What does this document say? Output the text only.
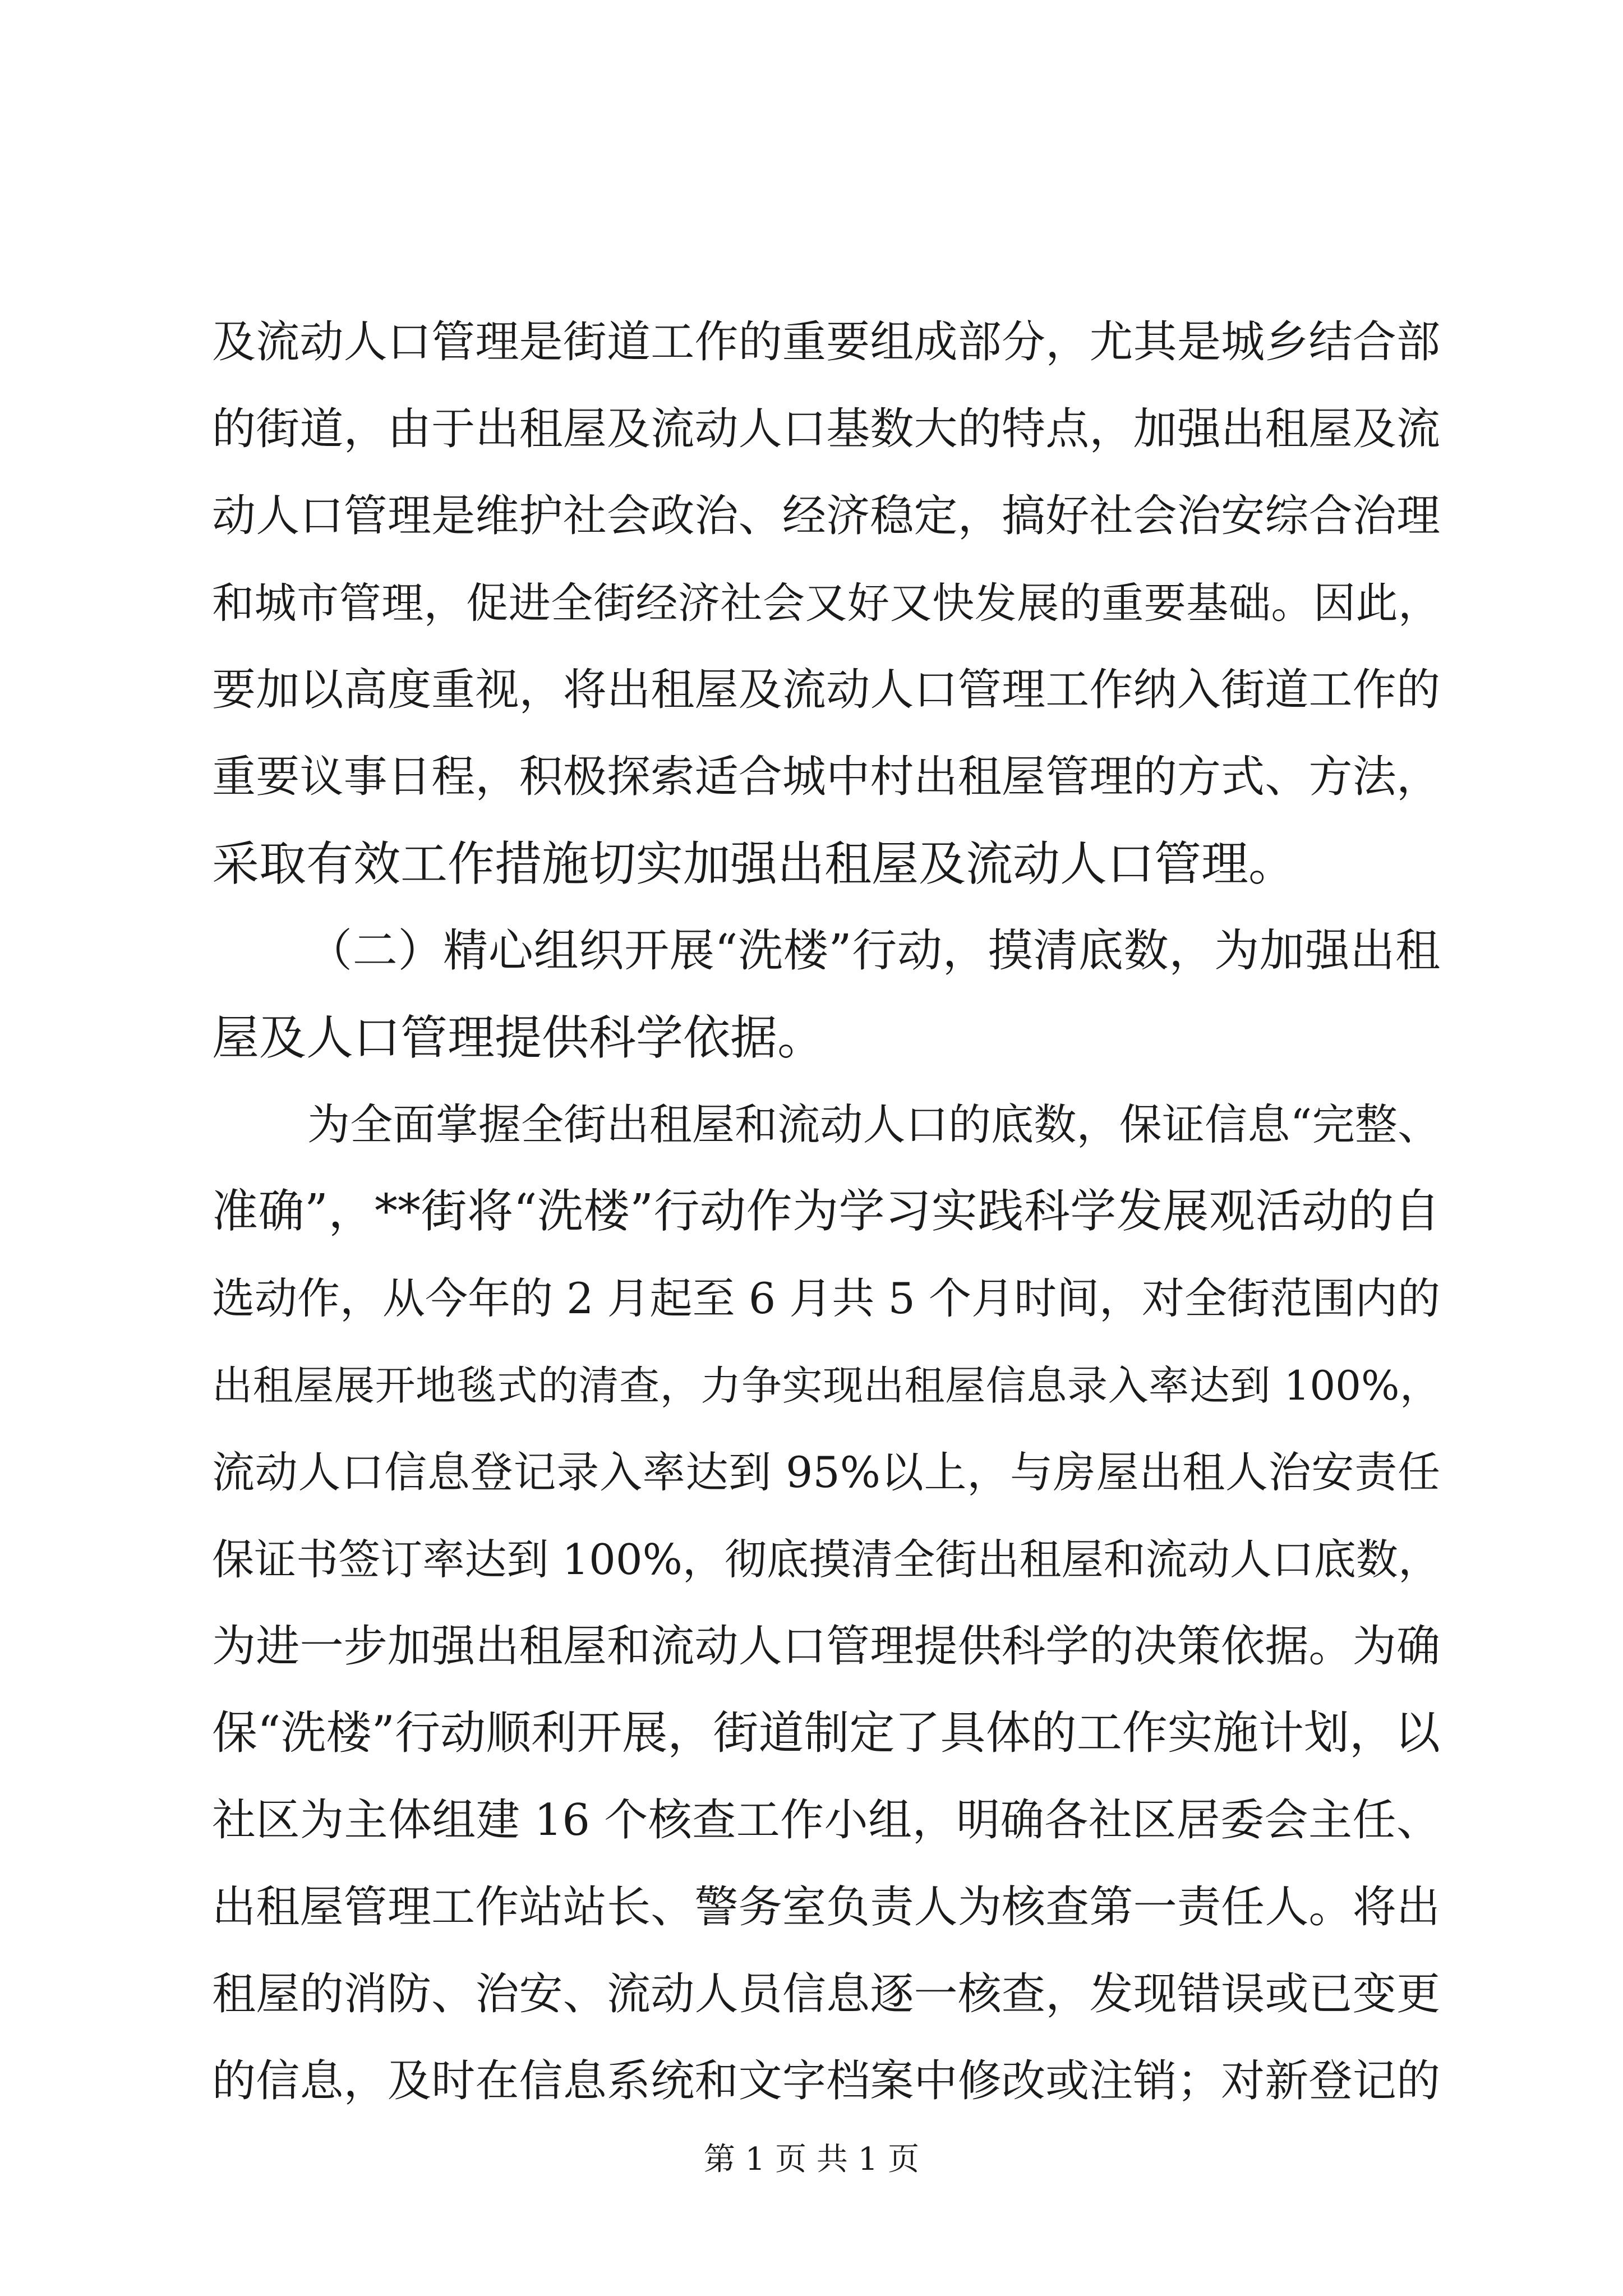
及流动人口管理是街道工作的重要组成部分，尤其是城乡结合部
的街道，由于出租屋及流动人口基数大的特点，加强出租屋及流
动人口管理是维护社会政治、经济稳定，搞好社会治安综合治理
和城市管理，促进全街经济社会又好又快发展的重要基础。因此，
要加以高度重视，将出租屋及流动人口管理工作纳入街道工作的
重要议事日程，积极探索适合城中村出租屋管理的方式、方法，
采取有效工作措施切实加强出租屋及流动人口管理。
（二）精心组织开展“洗楼”行动，摸清底数，为加强出租
屋及人口管理提供科学依据。
为全面掌握全街出租屋和流动人口的底数，保证信息“完整、
准确”，**街将“洗楼”行动作为学习实践科学发展观活动的自
选动作，从今年的 2 月起至 6 月共 5 个月时间，对全街范围内的
出租屋展开地毯式的清查，力争实现出租屋信息录入率达到 100%，
流动人口信息登记录入率达到 95%以上，与房屋出租人治安责任
保证书签订率达到 100%，彻底摸清全街出租屋和流动人口底数，
为进一步加强出租屋和流动人口管理提供科学的决策依据。为确
保“洗楼”行动顺利开展，街道制定了具体的工作实施计划，以
社区为主体组建 16 个核查工作小组，明确各社区居委会主任、
出租屋管理工作站站长、警务室负责人为核查第一责任人。将出
租屋的消防、治安、流动人员信息逐一核查，发现错误或已变更
的信息，及时在信息系统和文字档案中修改或注销；对新登记的
第 1 页 共 1 页
